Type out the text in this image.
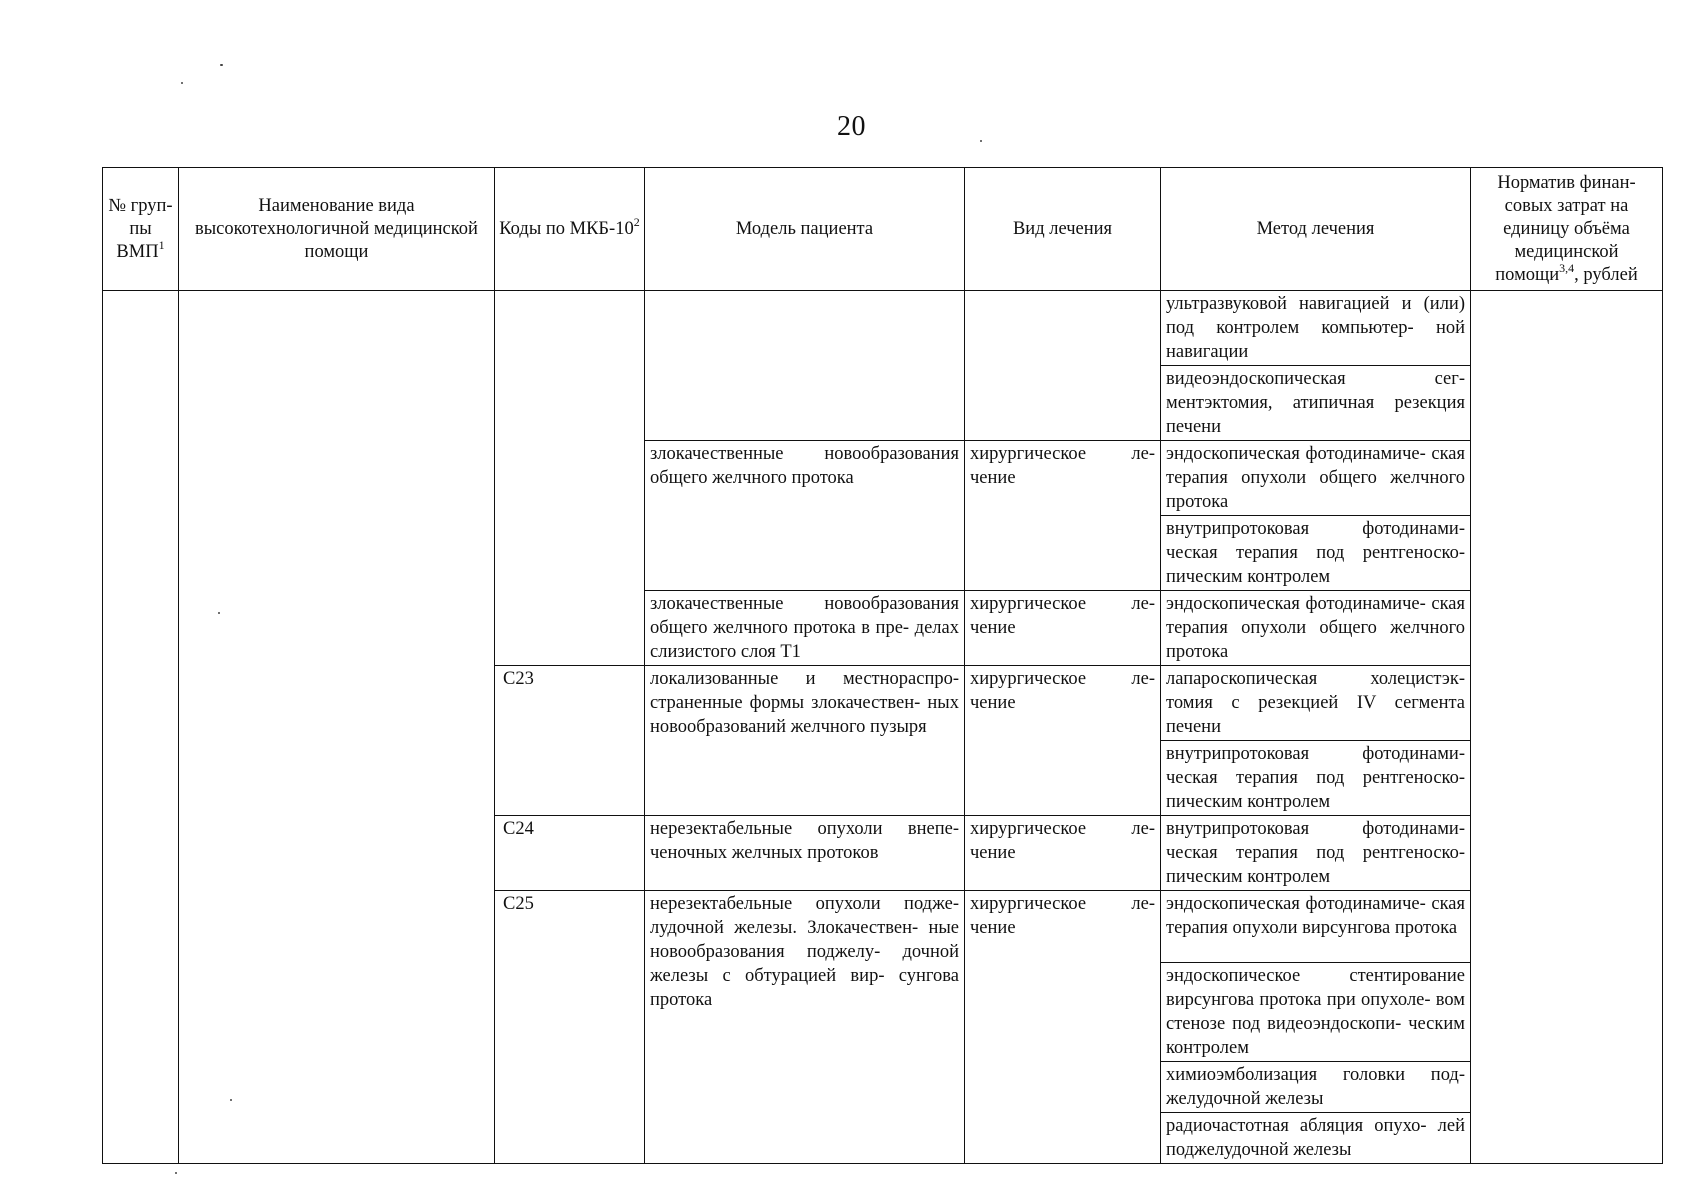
20
№ груп- пы ВМП$^1$	Наименование вида высокотехнологичной медицинской помощи	Коды по МКБ-$10^2$	Модель пациента	Вид лечения	Метод лечения	Норматив финан- совых затрат на единицу объёма медицинской помощи$^{3,4}$, рублей
					ультразвуковой навигацией и (или) под контролем компьютер- ной навигации	
					видеоэндоскопическая сег- ментэктомия, атипичная резекция печени	
			злокачественные новообразования общего желчного протока	хирургическое ле- чение	эндоскопическая фотодинамиче- ская терапия опухоли общего желчного протока	
					внутрипротоковая фотодинами- ческая терапия под рентгеноско- пическим контролем	
			злокачественные новообразования общего желчного протока в пре- делах слизистого слоя Т1	хирургическое ле- чение	эндоскопическая фотодинамиче- ская терапия опухоли общего желчного протока	
		С23	локализованные и местнораспро- страненные формы злокачествен- ных новообразований желчного пузыря	хирургическое ле- чение	лапароскопическая холецистэк- томия с резекцией IV сегмента печени	
					внутрипротоковая фотодинами- ческая терапия под рентгеноско- пическим контролем	
		С24	нерезектабельные опухоли внепе- ченочных желчных протоков	хирургическое ле- чение	внутрипротоковая фотодинами- ческая терапия под рентгеноско- пическим контролем	
		С25	нерезектабельные опухоли подже- лудочной железы. Злокачествен- ные новообразования поджелу- дочной железы с обтурацией вир- сунгова протока	хирургическое ле- чение	эндоскопическая фотодинамиче- ская терапия опухоли вирсунгова протока	
					эндоскопическое стентирование вирсунгова протока при опухоле- вом стенозе под видеоэндоскопи- ческим контролем	
					химиоэмболизация головки под- желудочной железы	
					радиочастотная абляция опухо- лей поджелудочной железы	
